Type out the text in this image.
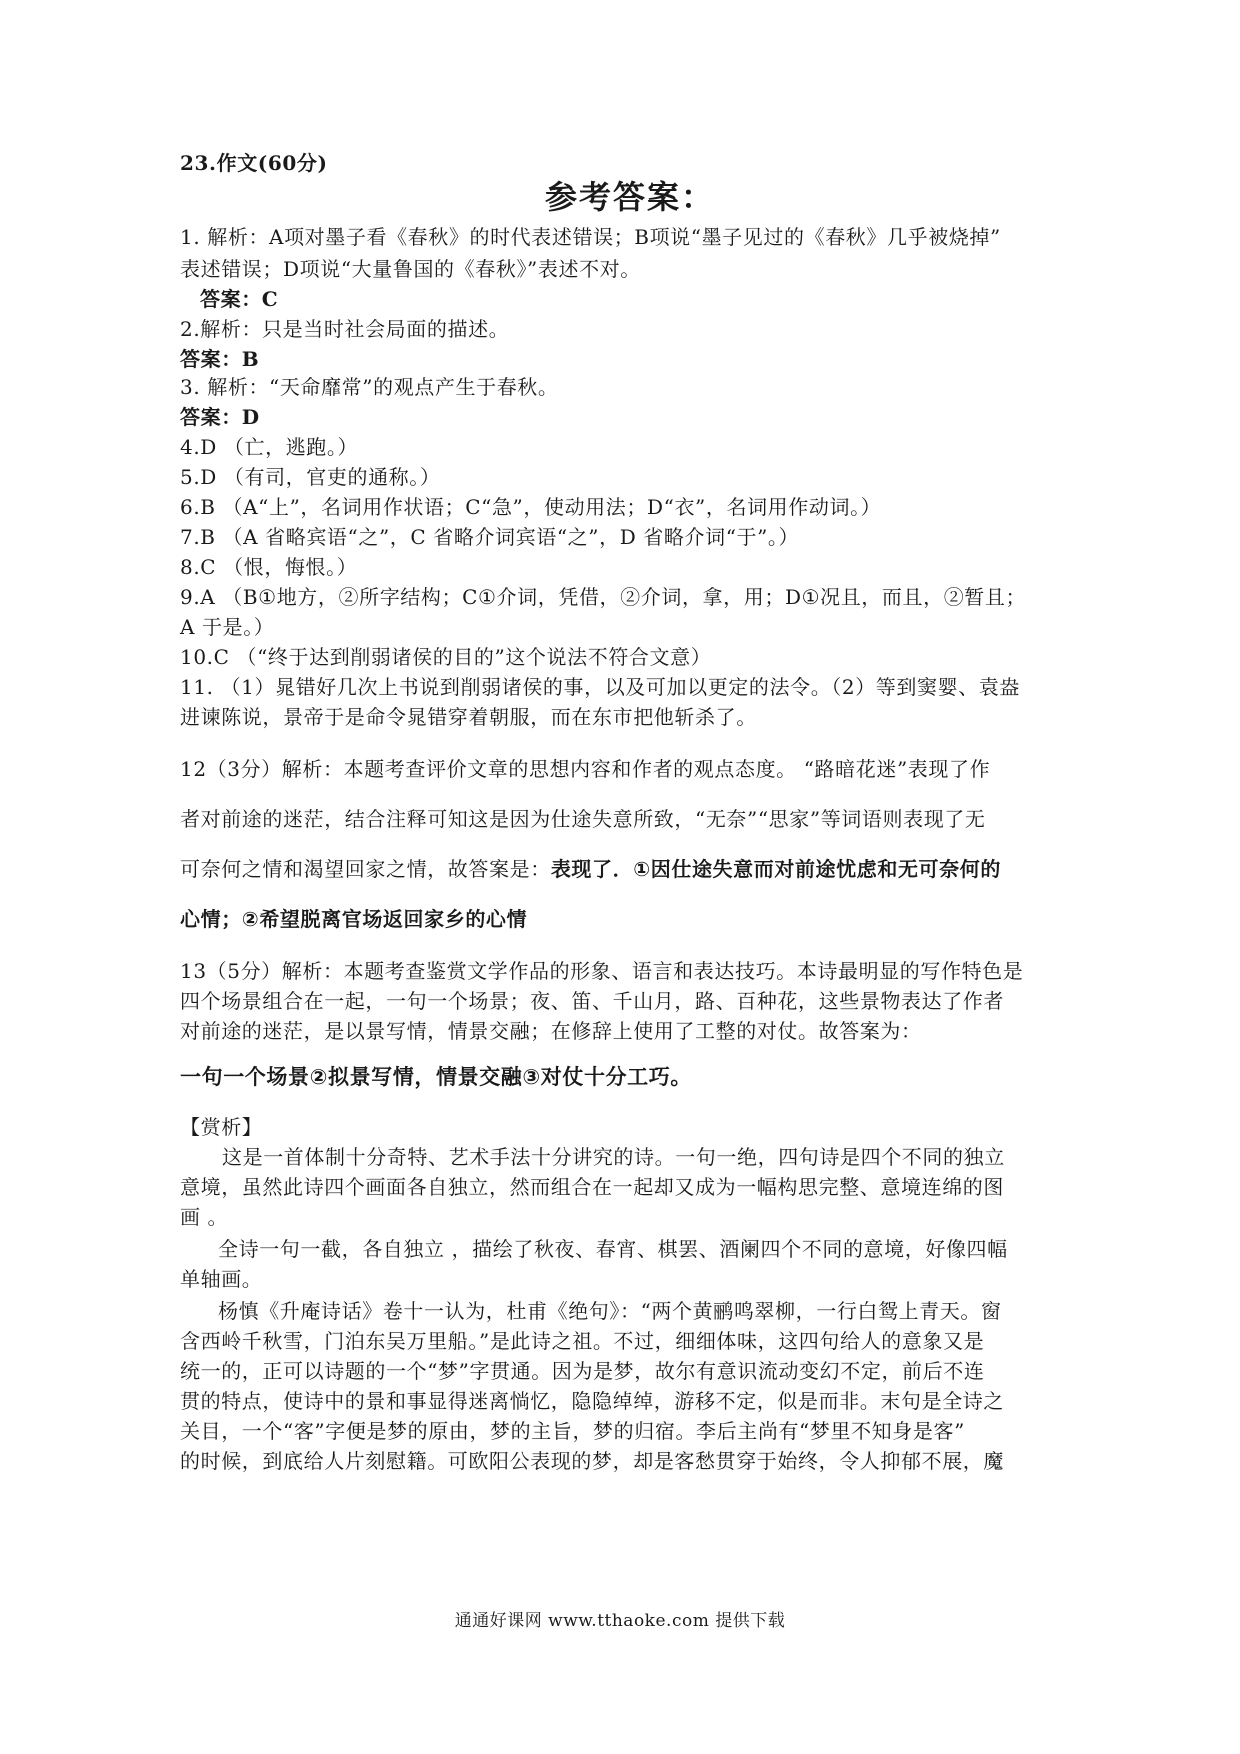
23.作文(60分)
参考答案：
1. 解析：A项对墨子看《春秋》的时代表述错误；B项说“墨子见过的《春秋》几乎被烧掉”
表述错误；D项说“大量鲁国的《春秋》”表述不对。
答案：C
2.解析：只是当时社会局面的描述。
答案：B
3. 解析：“天命靡常”的观点产生于春秋。
答案：D
4.D （亡，逃跑。）
5.D （有司，官吏的通称。）
6.B （A“上”，名词用作状语；C“急”，使动用法；D“衣”，名词用作动词。）
7.B （A 省略宾语“之”，C 省略介词宾语“之”，D 省略介词“于”。）
8.C （恨，悔恨。）
9.A （B①地方，②所字结构；C①介词，凭借，②介词，拿，用；D①况且，而且，②暂且；
A 于是。）
10.C （“终于达到削弱诸侯的目的”这个说法不符合文意）
11. （1）晁错好几次上书说到削弱诸侯的事，以及可加以更定的法令。（2）等到窦婴、袁盎
进谏陈说，景帝于是命令晁错穿着朝服，而在东市把他斩杀了。
12（3分）解析：本题考查评价文章的思想内容和作者的观点态度。 “路暗花迷”表现了作
者对前途的迷茫，结合注释可知这是因为仕途失意所致，“无奈”“思家”等词语则表现了无
可奈何之情和渴望回家之情，故答案是：表现了．①因仕途失意而对前途忧虑和无可奈何的
心情；②希望脱离官场返回家乡的心情
13（5分）解析：本题考查鉴赏文学作品的形象、语言和表达技巧。本诗最明显的写作特色是
四个场景组合在一起，一句一个场景；夜、笛、千山月，路、百种花，这些景物表达了作者
对前途的迷茫，是以景写情，情景交融；在修辞上使用了工整的对仗。故答案为：
一句一个场景②拟景写情，情景交融③对仗十分工巧。
【赏析】
这是一首体制十分奇特、艺术手法十分讲究的诗。一句一绝，四句诗是四个不同的独立
意境，虽然此诗四个画面各自独立，然而组合在一起却又成为一幅构思完整、意境连绵的图
画 。
全诗一句一截，各自独立 ，描绘了秋夜、春宵、棋罢、酒阑四个不同的意境，好像四幅
单轴画。
杨慎《升庵诗话》卷十一认为，杜甫《绝句》：“两个黄鹂鸣翠柳，一行白鸳上青天。窗
含西岭千秋雪，门泊东吴万里船。”是此诗之祖。不过，细细体味，这四句给人的意象又是
统一的，正可以诗题的一个“梦”字贯通。因为是梦，故尔有意识流动变幻不定，前后不连
贯的特点，使诗中的景和事显得迷离惝忆，隐隐绰绰，游移不定，似是而非。末句是全诗之
关目，一个“客”字便是梦的原由，梦的主旨，梦的归宿。李后主尚有“梦里不知身是客”
的时候，到底给人片刻慰籍。可欧阳公表现的梦，却是客愁贯穿于始终，令人抑郁不展，魔
通通好课网 www.tthaoke.com 提供下载
